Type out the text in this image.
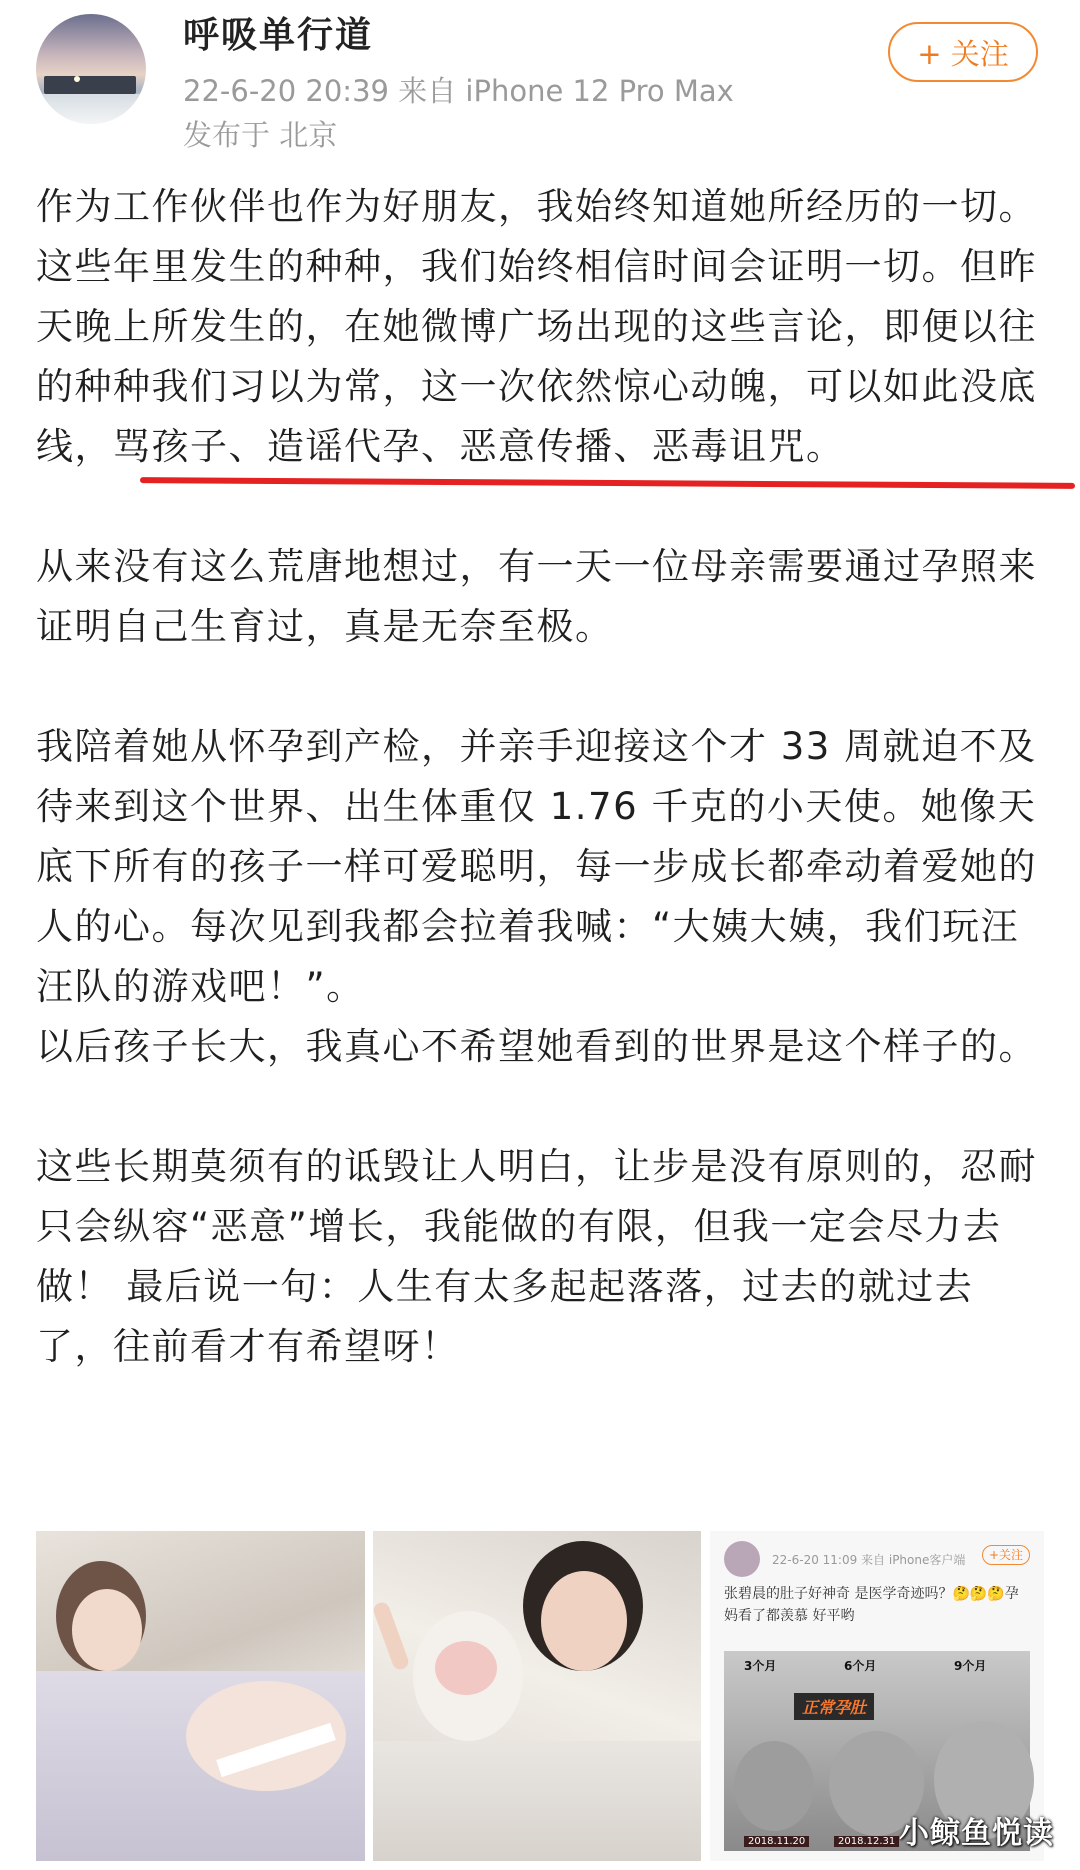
呼吸单行道
22-6-20 20:39 来自 iPhone 12 Pro Max
发布于 北京
+ 关注

作为工作伙伴也作为好朋友，我始终知道她所经历的一切。这些年里发生的种种，我们始终相信时间会证明一切。但昨天晚上所发生的，在她微博广场出现的这些言论，即便以往的种种我们习以为常，这一次依然惊心动魄，可以如此没底线，骂孩子、造谣代孕、恶意传播、恶毒诅咒。

从来没有这么荒唐地想过，有一天一位母亲需要通过孕照来证明自己生育过，真是无奈至极。

我陪着她从怀孕到产检，并亲手迎接这个才 33 周就迫不及待来到这个世界、出生体重仅 1.76 千克的小天使。她像天底下所有的孩子一样可爱聪明，每一步成长都牵动着爱她的人的心。每次见到我都会拉着我喊：“大姨大姨，我们玩汪汪队的游戏吧！”。

以后孩子长大，我真心不希望她看到的世界是这个样子的。

这些长期莫须有的诋毁让人明白，让步是没有原则的，忍耐只会纵容“恶意”增长，我能做的有限，但我一定会尽力去做！ 最后说一句：人生有太多起起落落，过去的就过去了，往前看才有希望呀！

22-6-20 11:09 来自 iPhone客户端	+关注
张碧晨的肚子好神奇 是医学奇迹吗？🤔🤔🤔孕妈看了都羡慕 好平哟
3个月	6个月	9个月
正常孕肚
2018.11.20	2018.12.31 小鲸鱼悦读
